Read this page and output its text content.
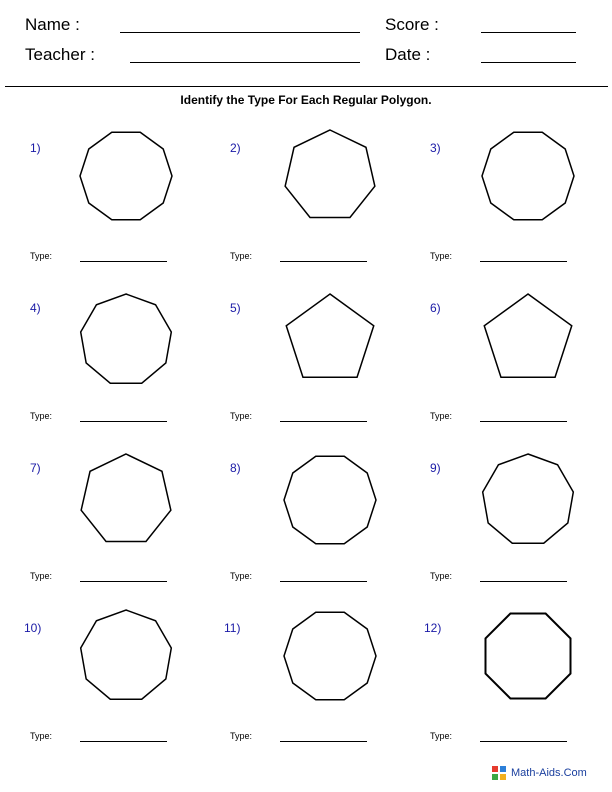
Name :	Score :
Teacher :	Date :
Identify the Type For Each Regular Polygon.
1)
Type:
2)
Type:
3)
Type:
4)
Type:
5)
Type:
6)
Type:
7)
Type:
8)
Type:
9)
Type:
10)
Type:
11)
Type:
12)
Type:
Math-Aids.Com
